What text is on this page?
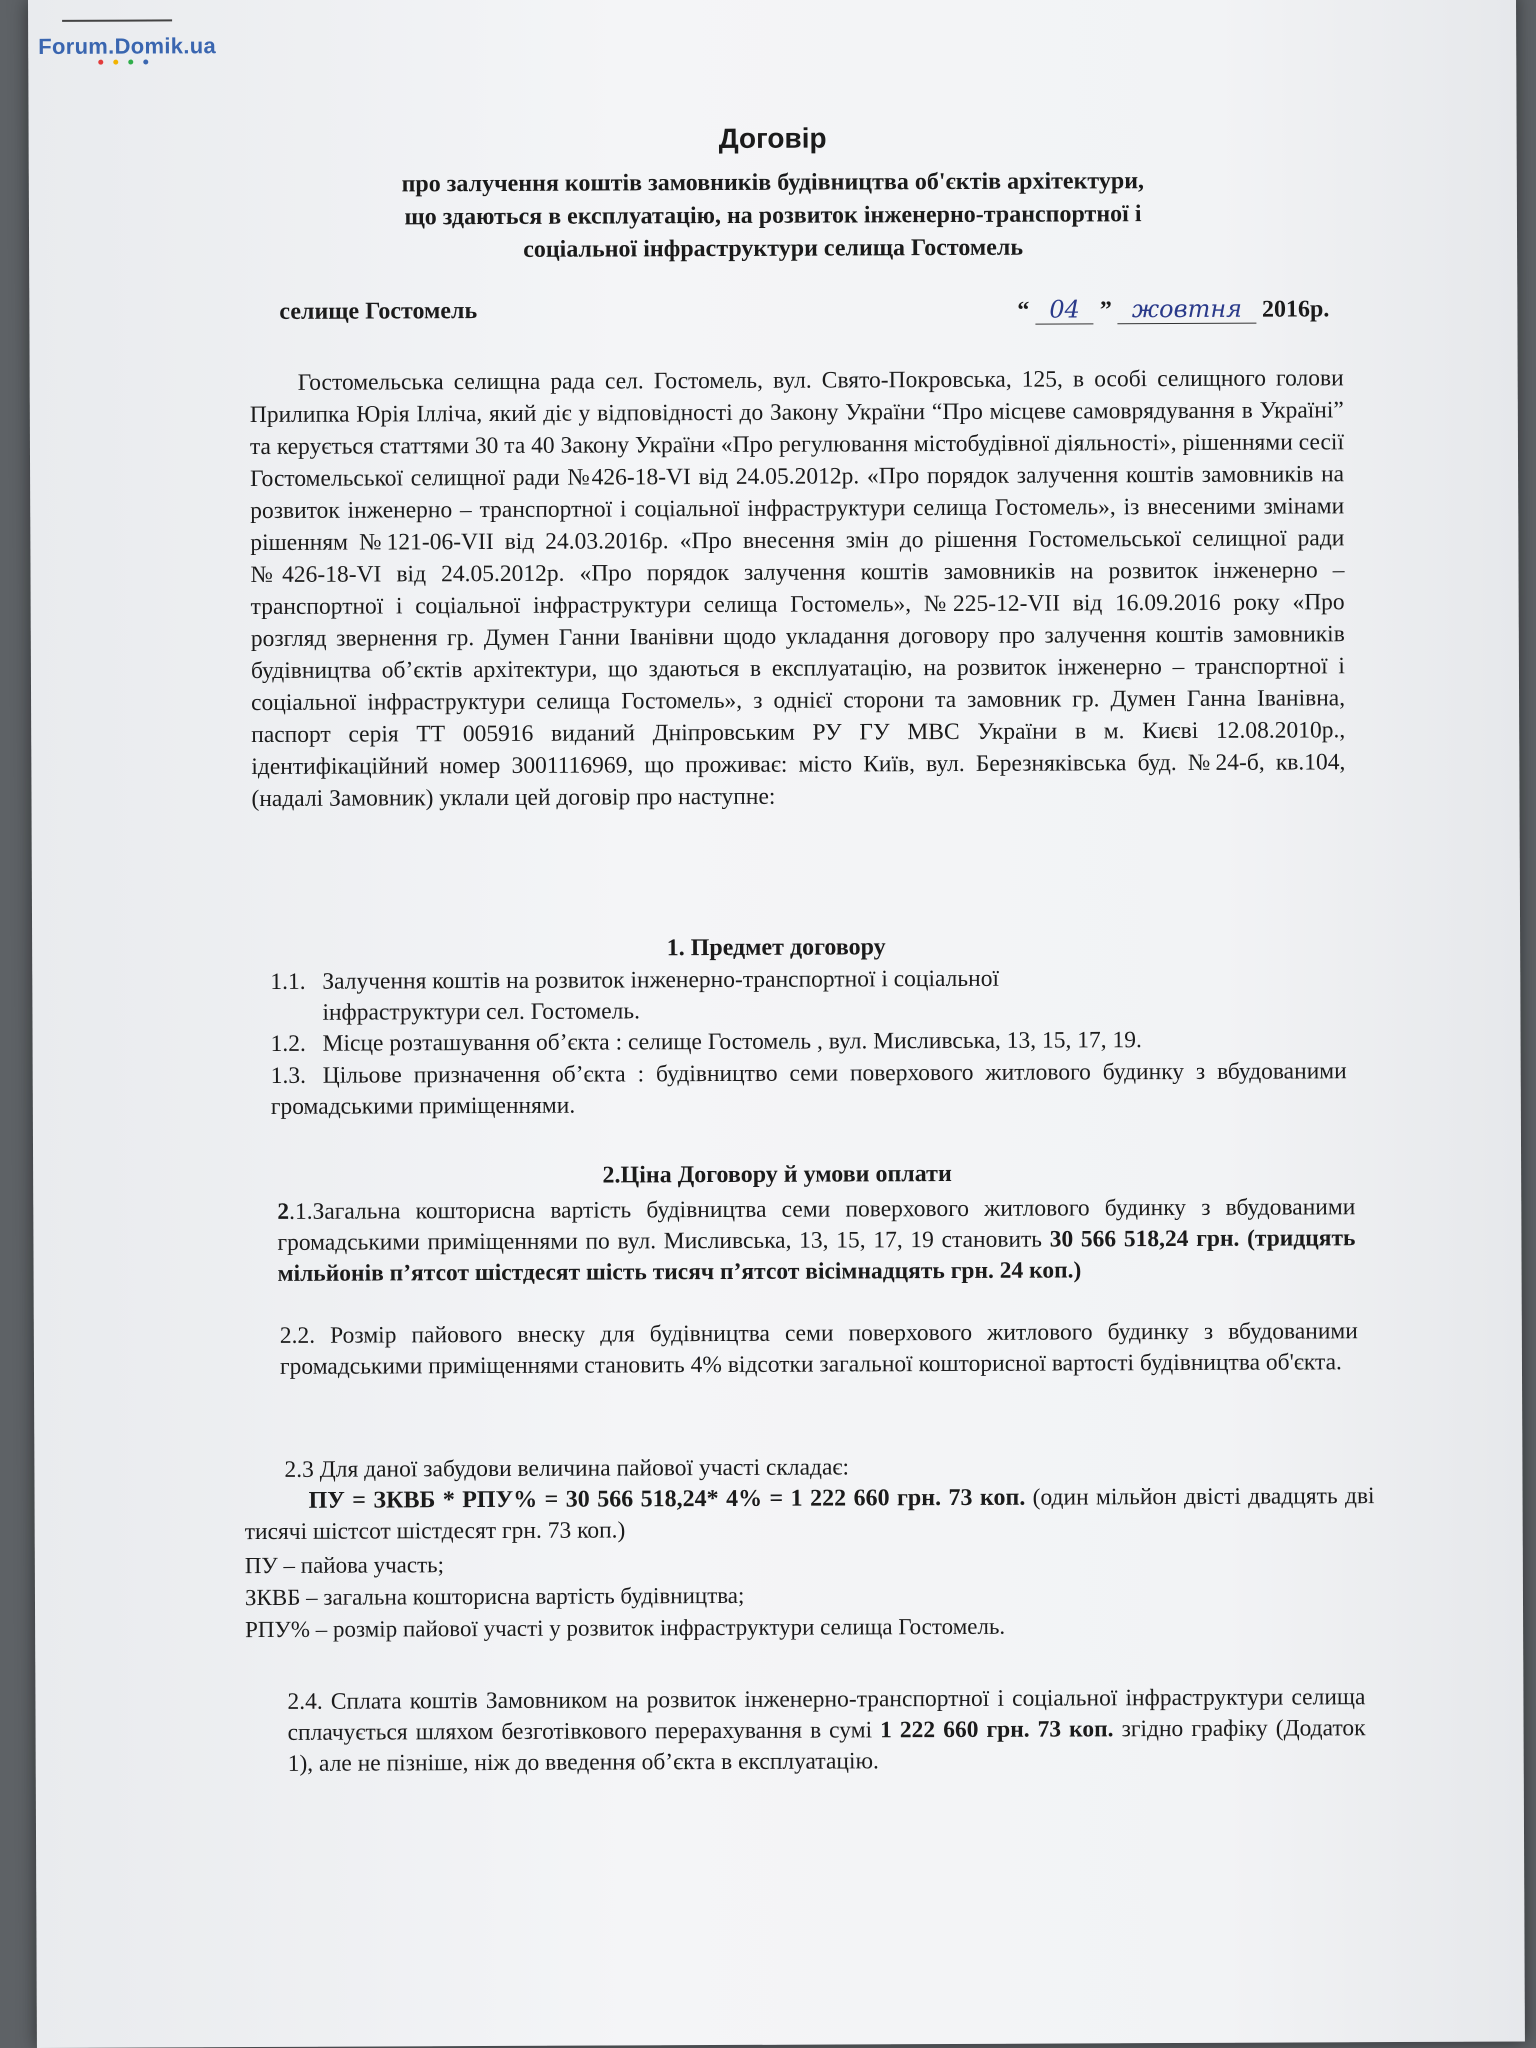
Forum.Domik.ua
Договір
про залучення коштів замовників будівництва об'єктів архітектури,
що здаються в експлуатацію, на розвиток інженерно-транспортної і
соціальної інфраструктури селища Гостомель
селище Гостомель	“ 04 ” жовтня 2016р.
Гостомельська селищна рада сел. Гостомель, вул. Свято-Покровська, 125, в особі селищного голови Прилипка Юрія Ілліча, який діє у відповідності до Закону України “Про місцеве самоврядування в Україні” та керується статтями 30 та 40 Закону України «Про регулювання містобудівної діяльності», рішеннями сесії Гостомельської селищної ради №426-18-VI від 24.05.2012р. «Про порядок залучення коштів замовників на розвиток інженерно – транспортної і соціальної інфраструктури селища Гостомель», із внесеними змінами рішенням №121-06-VII від 24.03.2016р. «Про внесення змін до рішення Гостомельської селищної ради №426-18-VI від 24.05.2012р. «Про порядок залучення коштів замовників на розвиток інженерно – транспортної і соціальної інфраструктури селища Гостомель», №225-12-VII від 16.09.2016 року «Про розгляд звернення гр. Думен Ганни Іванівни щодо укладання договору про залучення коштів замовників будівництва об’єктів архітектури, що здаються в експлуатацію, на розвиток інженерно – транспортної і соціальної інфраструктури селища Гостомель», з однієї сторони та замовник гр. Думен Ганна Іванівна, паспорт серія ТТ 005916 виданий Дніпровським РУ ГУ МВС України в м. Києві 12.08.2010р., ідентифікаційний номер 3001116969, що проживає: місто Київ, вул. Березняківська буд. №24-б, кв.104, (надалі Замовник) уклали цей договір про наступне:
1. Предмет договору
1.1. Залучення коштів на розвиток інженерно-транспортної і соціальної
інфраструктури сел. Гостомель.
1.2. Місце розташування об’єкта : селище Гостомель , вул. Мисливська, 13, 15, 17, 19.
1.3. Цільове призначення об’єкта : будівництво семи поверхового житлового будинку з вбудованими громадськими приміщеннями.
2.Ціна Договору й умови оплати
2.1.Загальна кошторисна вартість будівництва семи поверхового житлового будинку з вбудованими громадськими приміщеннями по вул. Мисливська, 13, 15, 17, 19 становить 30 566 518,24 грн. (тридцять мільйонів п’ятсот шістдесят шість тисяч п’ятсот вісімнадцять грн. 24 коп.)
2.2. Розмір пайового внеску для будівництва семи поверхового житлового будинку з вбудованими громадськими приміщеннями становить 4% відсотки загальної кошторисної вартості будівництва об'єкта.
2.3 Для даної забудови величина пайової участі складає:
ПУ = ЗКВБ * РПУ% = 30 566 518,24* 4% = 1 222 660 грн. 73 коп. (один мільйон двісті двадцять дві тисячі шістсот шістдесят грн. 73 коп.)
ПУ – пайова участь;
ЗКВБ – загальна кошторисна вартість будівництва;
РПУ% – розмір пайової участі у розвиток інфраструктури селища Гостомель.
2.4. Сплата коштів Замовником на розвиток інженерно-транспортної і соціальної інфраструктури селища сплачується шляхом безготівкового перерахування в сумі 1 222 660 грн. 73 коп. згідно графіку (Додаток 1), але не пізніше, ніж до введення об’єкта в експлуатацію.
